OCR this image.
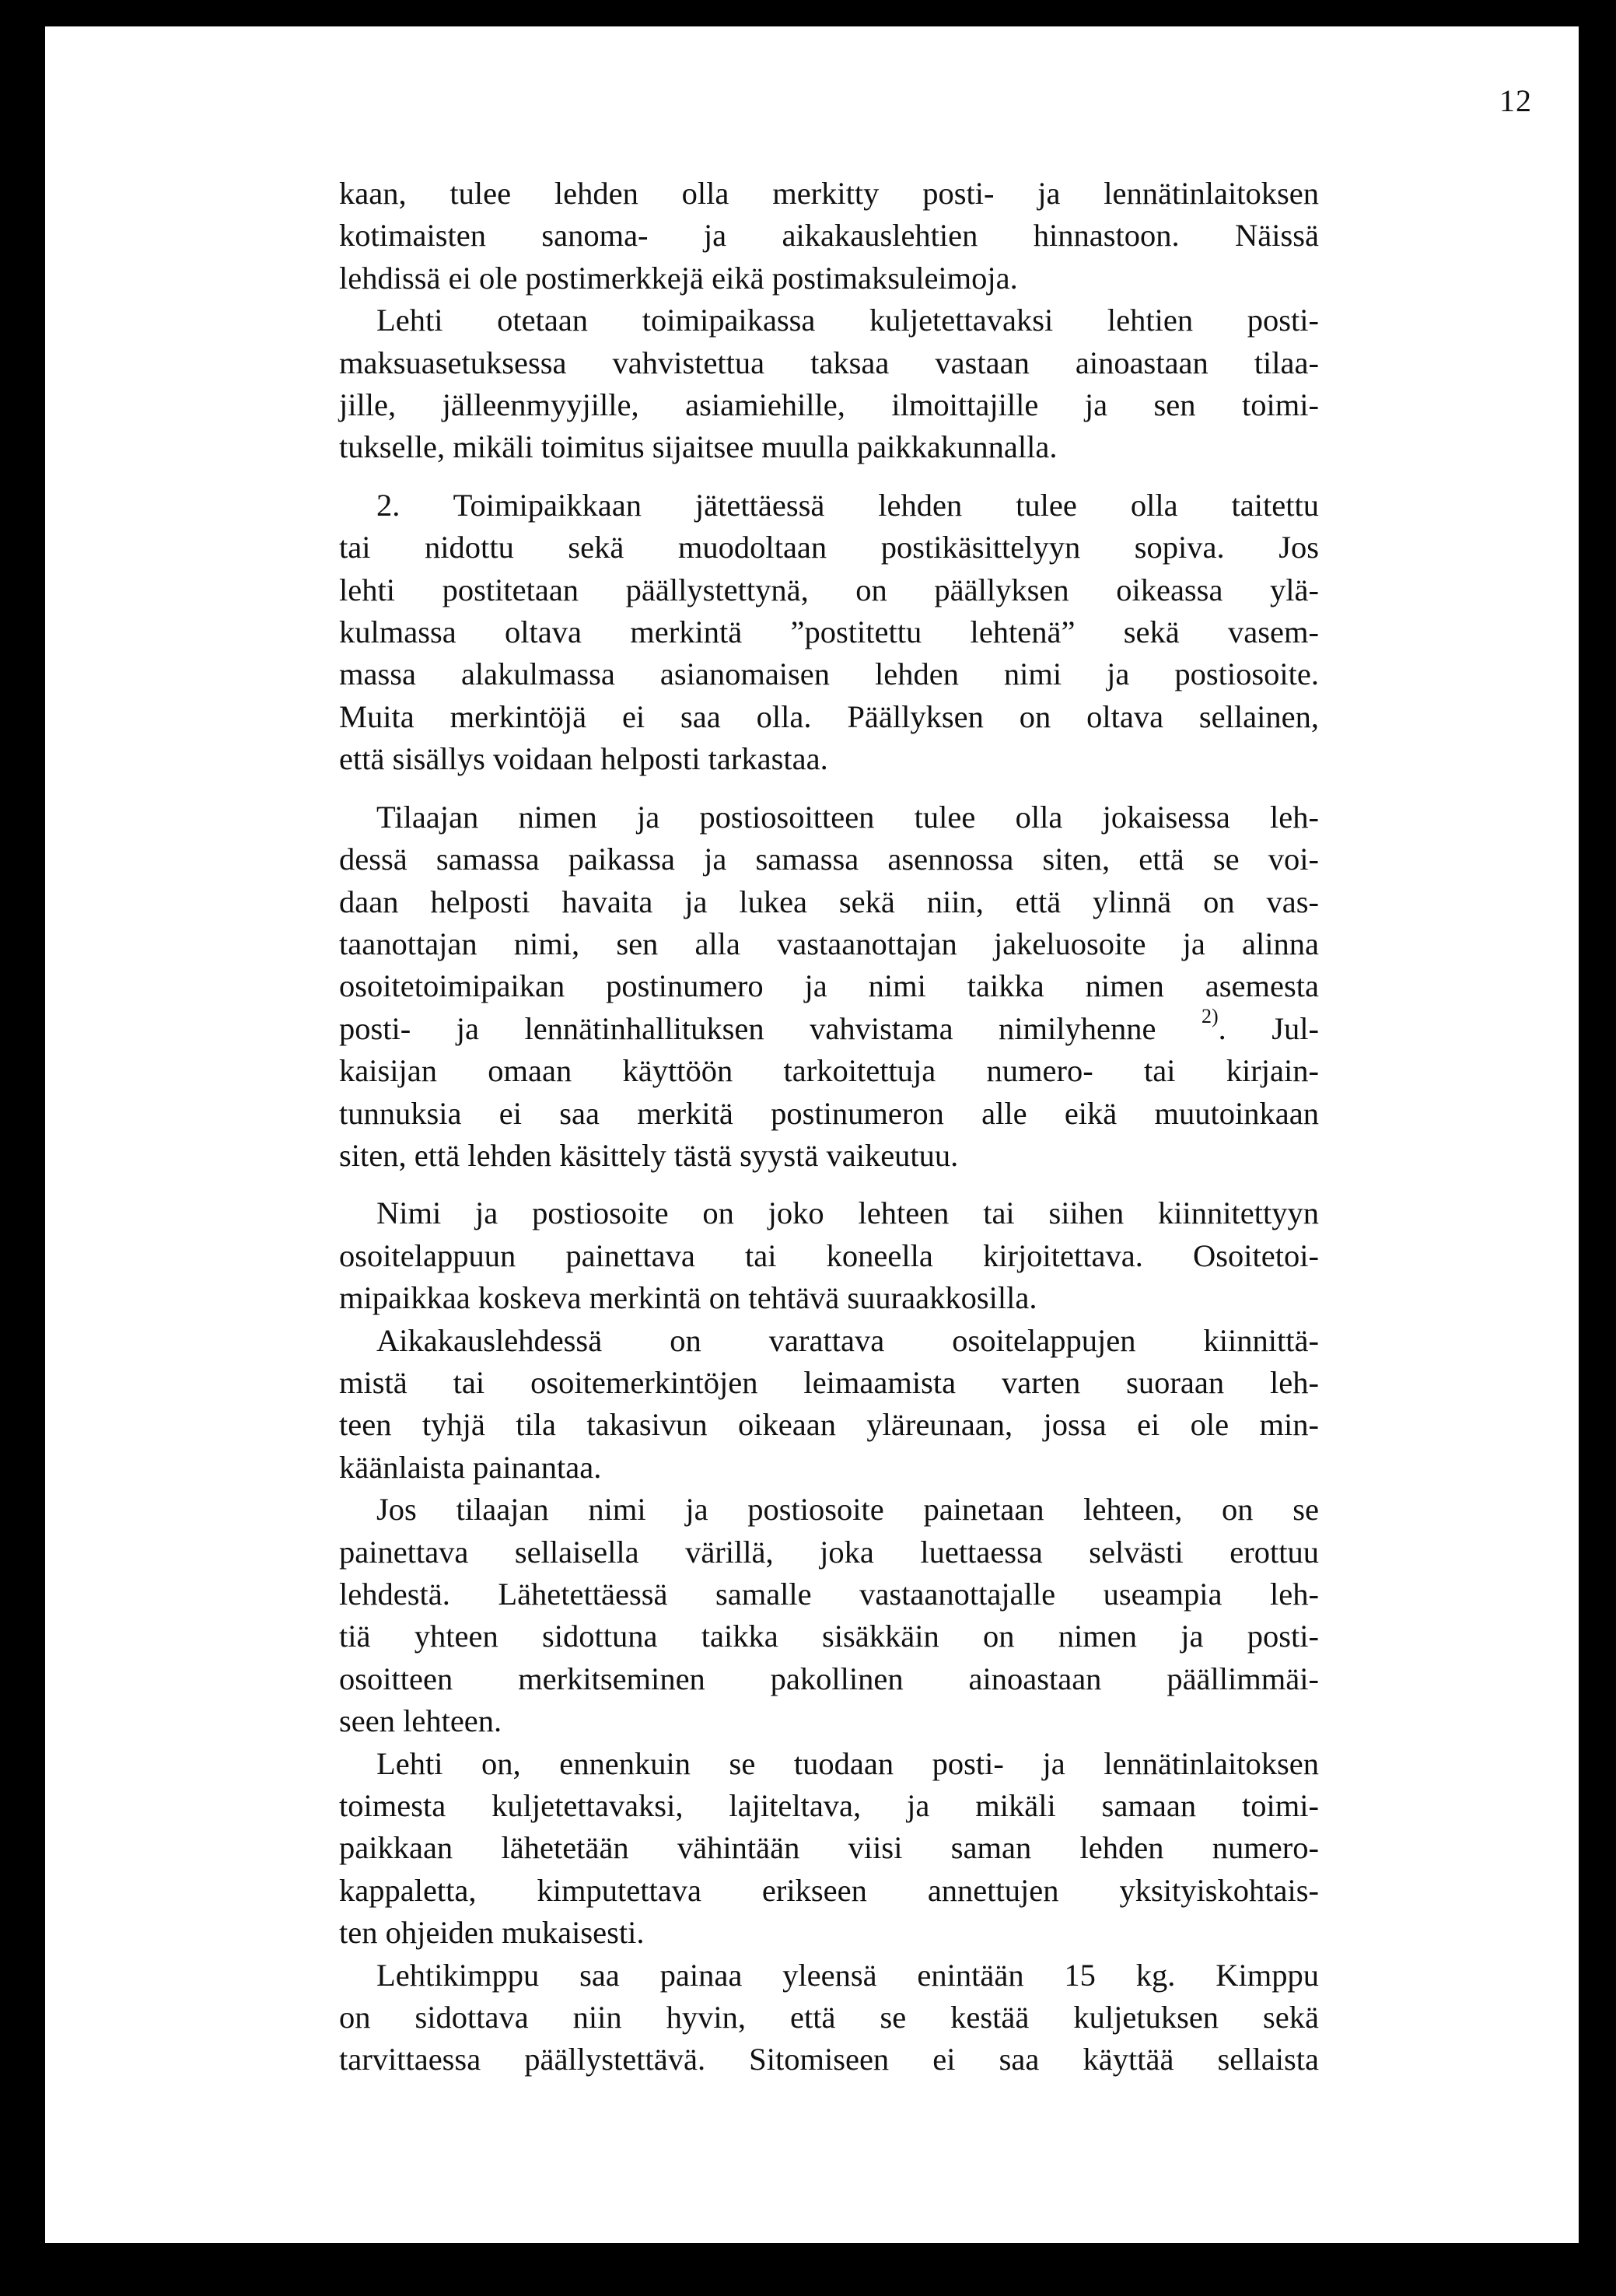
12

kaan, tulee lehden olla merkitty posti- ja lennätinlaitoksen
kotimaisten sanoma- ja aikakauslehtien hinnastoon. Näissä
lehdissä ei ole postimerkkejä eikä postimaksuleimoja.

Lehti otetaan toimipaikassa kuljetettavaksi lehtien posti-
maksuasetuksessa vahvistettua taksaa vastaan ainoastaan tilaa-
jille, jälleenmyyjille, asiamiehille, ilmoittajille ja sen toimi-
tukselle, mikäli toimitus sijaitsee muulla paikkakunnalla.

2. Toimipaikkaan jätettäessä lehden tulee olla taitettu
tai nidottu sekä muodoltaan postikäsittelyyn sopiva. Jos
lehti postitetaan päällystettynä, on päällyksen oikeassa ylä-
kulmassa oltava merkintä ”postitettu lehtenä” sekä vasem-
massa alakulmassa asianomaisen lehden nimi ja postiosoite.
Muita merkintöjä ei saa olla. Päällyksen on oltava sellainen,
että sisällys voidaan helposti tarkastaa.

Tilaajan nimen ja postiosoitteen tulee olla jokaisessa leh-
dessä samassa paikassa ja samassa asennossa siten, että se voi-
daan helposti havaita ja lukea sekä niin, että ylinnä on vas-
taanottajan nimi, sen alla vastaanottajan jakeluosoite ja alinna
osoitetoimipaikan postinumero ja nimi taikka nimen asemesta
posti- ja lennätinhallituksen vahvistama nimilyhenne $^{2)}$. Jul-
kaisijan omaan käyttöön tarkoitettuja numero- tai kirjain-
tunnuksia ei saa merkitä postinumeron alle eikä muutoinkaan
siten, että lehden käsittely tästä syystä vaikeutuu.

Nimi ja postiosoite on joko lehteen tai siihen kiinnitettyyn
osoitelappuun painettava tai koneella kirjoitettava. Osoitetoi-
mipaikkaa koskeva merkintä on tehtävä suuraakkosilla.

Aikakauslehdessä on varattava osoitelappujen kiinnittä-
mistä tai osoitemerkintöjen leimaamista varten suoraan leh-
teen tyhjä tila takasivun oikeaan yläreunaan, jossa ei ole min-
käänlaista painantaa.

Jos tilaajan nimi ja postiosoite painetaan lehteen, on se
painettava sellaisella värillä, joka luettaessa selvästi erottuu
lehdestä. Lähetettäessä samalle vastaanottajalle useampia leh-
tiä yhteen sidottuna taikka sisäkkäin on nimen ja posti-
osoitteen merkitseminen pakollinen ainoastaan päällimmäi-
seen lehteen.

Lehti on, ennenkuin se tuodaan posti- ja lennätinlaitoksen
toimesta kuljetettavaksi, lajiteltava, ja mikäli samaan toimi-
paikkaan lähetetään vähintään viisi saman lehden numero-
kappaletta, kimputettava erikseen annettujen yksityiskohtais-
ten ohjeiden mukaisesti.

Lehtikimppu saa painaa yleensä enintään 15 kg. Kimppu
on sidottava niin hyvin, että se kestää kuljetuksen sekä
tarvittaessa päällystettävä. Sitomiseen ei saa käyttää sellaista
